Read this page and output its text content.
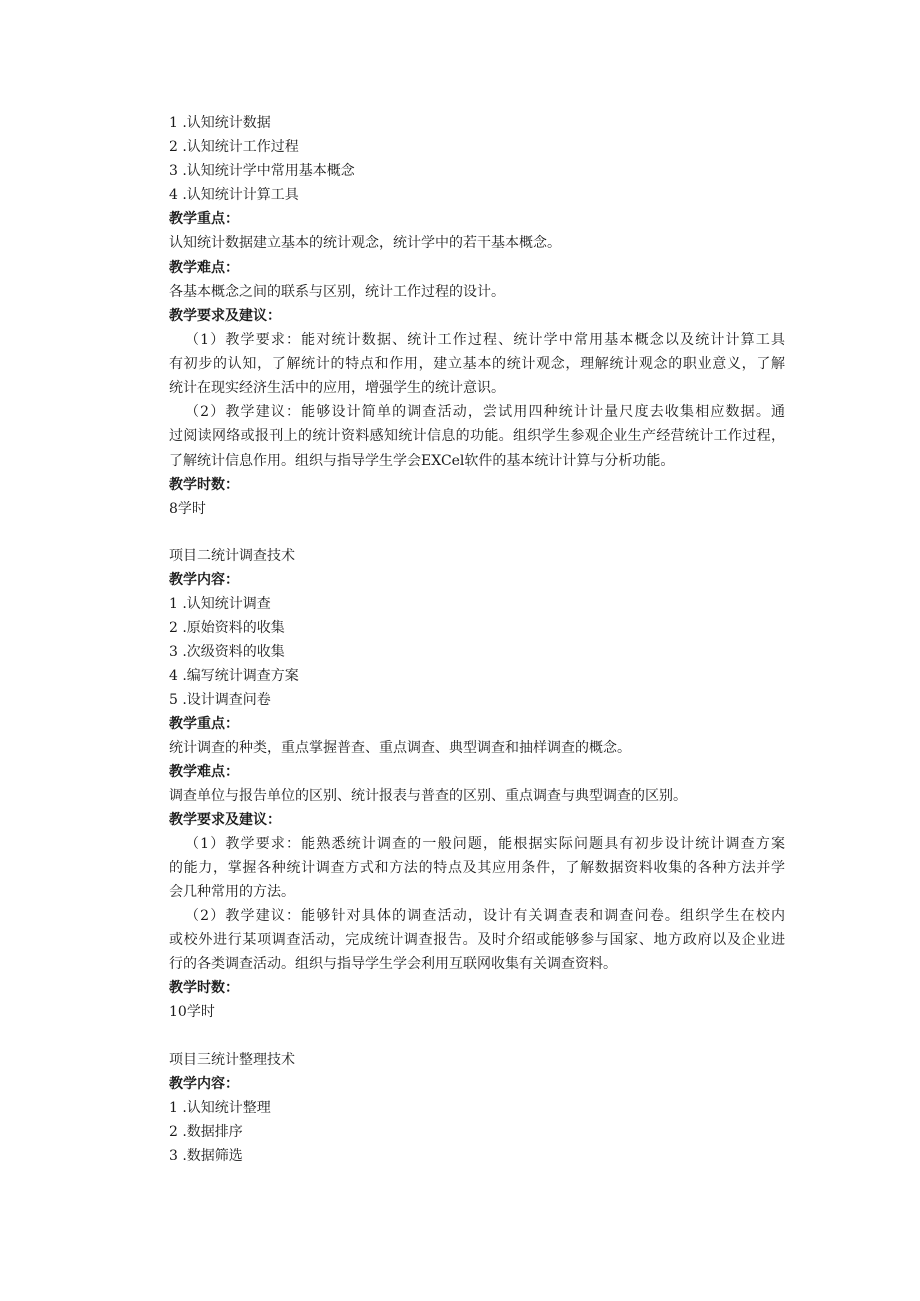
1 .认知统计数据
2 .认知统计工作过程
3 .认知统计学中常用基本概念
4 .认知统计计算工具
教学重点：
认知统计数据建立基本的统计观念，统计学中的若干基本概念。
教学难点：
各基本概念之间的联系与区别，统计工作过程的设计。
教学要求及建议：
（1）教学要求：能对统计数据、统计工作过程、统计学中常用基本概念以及统计计算工具
有初步的认知，了解统计的特点和作用，建立基本的统计观念，理解统计观念的职业意义，了解
统计在现实经济生活中的应用，增强学生的统计意识。
（2）教学建议：能够设计简单的调查活动，尝试用四种统计计量尺度去收集相应数据。通
过阅读网络或报刊上的统计资料感知统计信息的功能。组织学生参观企业生产经营统计工作过程，
了解统计信息作用。组织与指导学生学会EXCel软件的基本统计计算与分析功能。
教学时数：
8学时
项目二统计调查技术
教学内容：
1 .认知统计调查
2 .原始资料的收集
3 .次级资料的收集
4 .编写统计调查方案
5 .设计调查问卷
教学重点：
统计调查的种类，重点掌握普查、重点调查、典型调查和抽样调查的概念。
教学难点：
调查单位与报告单位的区别、统计报表与普查的区别、重点调查与典型调查的区别。
教学要求及建议：
（1）教学要求：能熟悉统计调查的一般问题，能根据实际问题具有初步设计统计调查方案
的能力，掌握各种统计调查方式和方法的特点及其应用条件，了解数据资料收集的各种方法并学
会几种常用的方法。
（2）教学建议：能够针对具体的调查活动，设计有关调查表和调查问卷。组织学生在校内
或校外进行某项调查活动，完成统计调查报告。及时介绍或能够参与国家、地方政府以及企业进
行的各类调查活动。组织与指导学生学会利用互联网收集有关调查资料。
教学时数：
10学时
项目三统计整理技术
教学内容：
1 .认知统计整理
2 .数据排序
3 .数据筛选
